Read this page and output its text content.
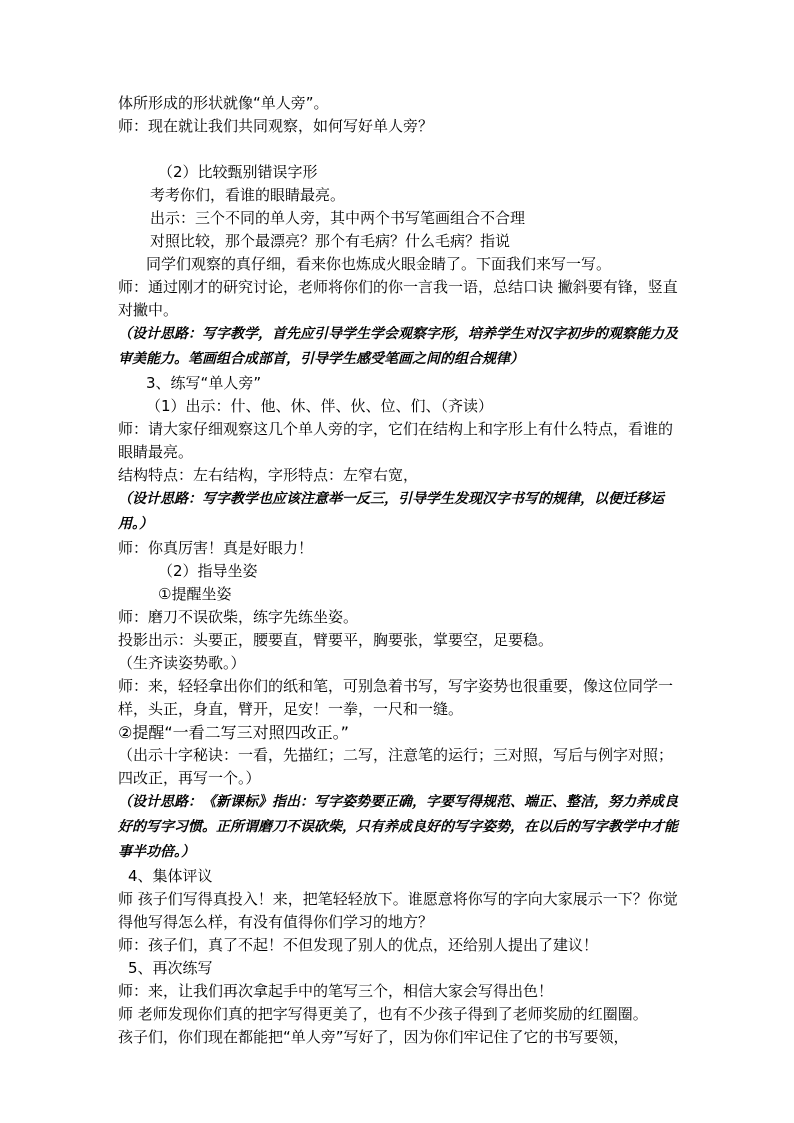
体所形成的形状就像“单人旁”。

师：现在就让我们共同观察，如何写好单人旁？

（2）比较甄别错误字形

考考你们，看谁的眼睛最亮。

出示：三个不同的单人旁，其中两个书写笔画组合不合理

对照比较，那个最漂亮？那个有毛病？什么毛病？指说

同学们观察的真仔细，看来你也炼成火眼金睛了。下面我们来写一写。

师：通过刚才的研究讨论，老师将你们的你一言我一语，总结口诀 撇斜要有锋，竖直对撇中。

（设计思路：写字教学，首先应引导学生学会观察字形，培养学生对汉字初步的观察能力及审美能力。笔画组合成部首，引导学生感受笔画之间的组合规律）

3、练写“单人旁”

（1）出示：什、他、休、伴、伙、位、们、（齐读）

师：请大家仔细观察这几个单人旁的字，它们在结构上和字形上有什么特点，看谁的眼睛最亮。

结构特点：左右结构，字形特点：左窄右宽，

（设计思路：写字教学也应该注意举一反三，引导学生发现汉字书写的规律，以便迁移运用。）

师：你真厉害！真是好眼力！

（2）指导坐姿

①提醒坐姿

师：磨刀不误砍柴，练字先练坐姿。

投影出示：头要正，腰要直，臂要平，胸要张，掌要空，足要稳。

（生齐读姿势歌。）

师：来，轻轻拿出你们的纸和笔，可别急着书写，写字姿势也很重要，像这位同学一样，头正，身直，臂开，足安！一拳，一尺和一缝。

②提醒“一看二写三对照四改正。”

（出示十字秘诀：一看，先描红；二写，注意笔的运行；三对照，写后与例字对照；四改正，再写一个。）

（设计思路：《新课标》指出：写字姿势要正确，字要写得规范、端正、整洁，努力养成良好的写字习惯。正所谓磨刀不误砍柴，只有养成良好的写字姿势，在以后的写字教学中才能 事半功倍。）

4、集体评议

师 孩子们写得真投入！来，把笔轻轻放下。谁愿意将你写的字向大家展示一下？你觉得他写得怎么样，有没有值得你们学习的地方？

师：孩子们，真了不起！不但发现了别人的优点，还给别人提出了建议！

5、再次练写

师：来，让我们再次拿起手中的笔写三个，相信大家会写得出色！

师 老师发现你们真的把字写得更美了，也有不少孩子得到了老师奖励的红圈圈。

孩子们，你们现在都能把“单人旁”写好了，因为你们牢记住了它的书写要领，
